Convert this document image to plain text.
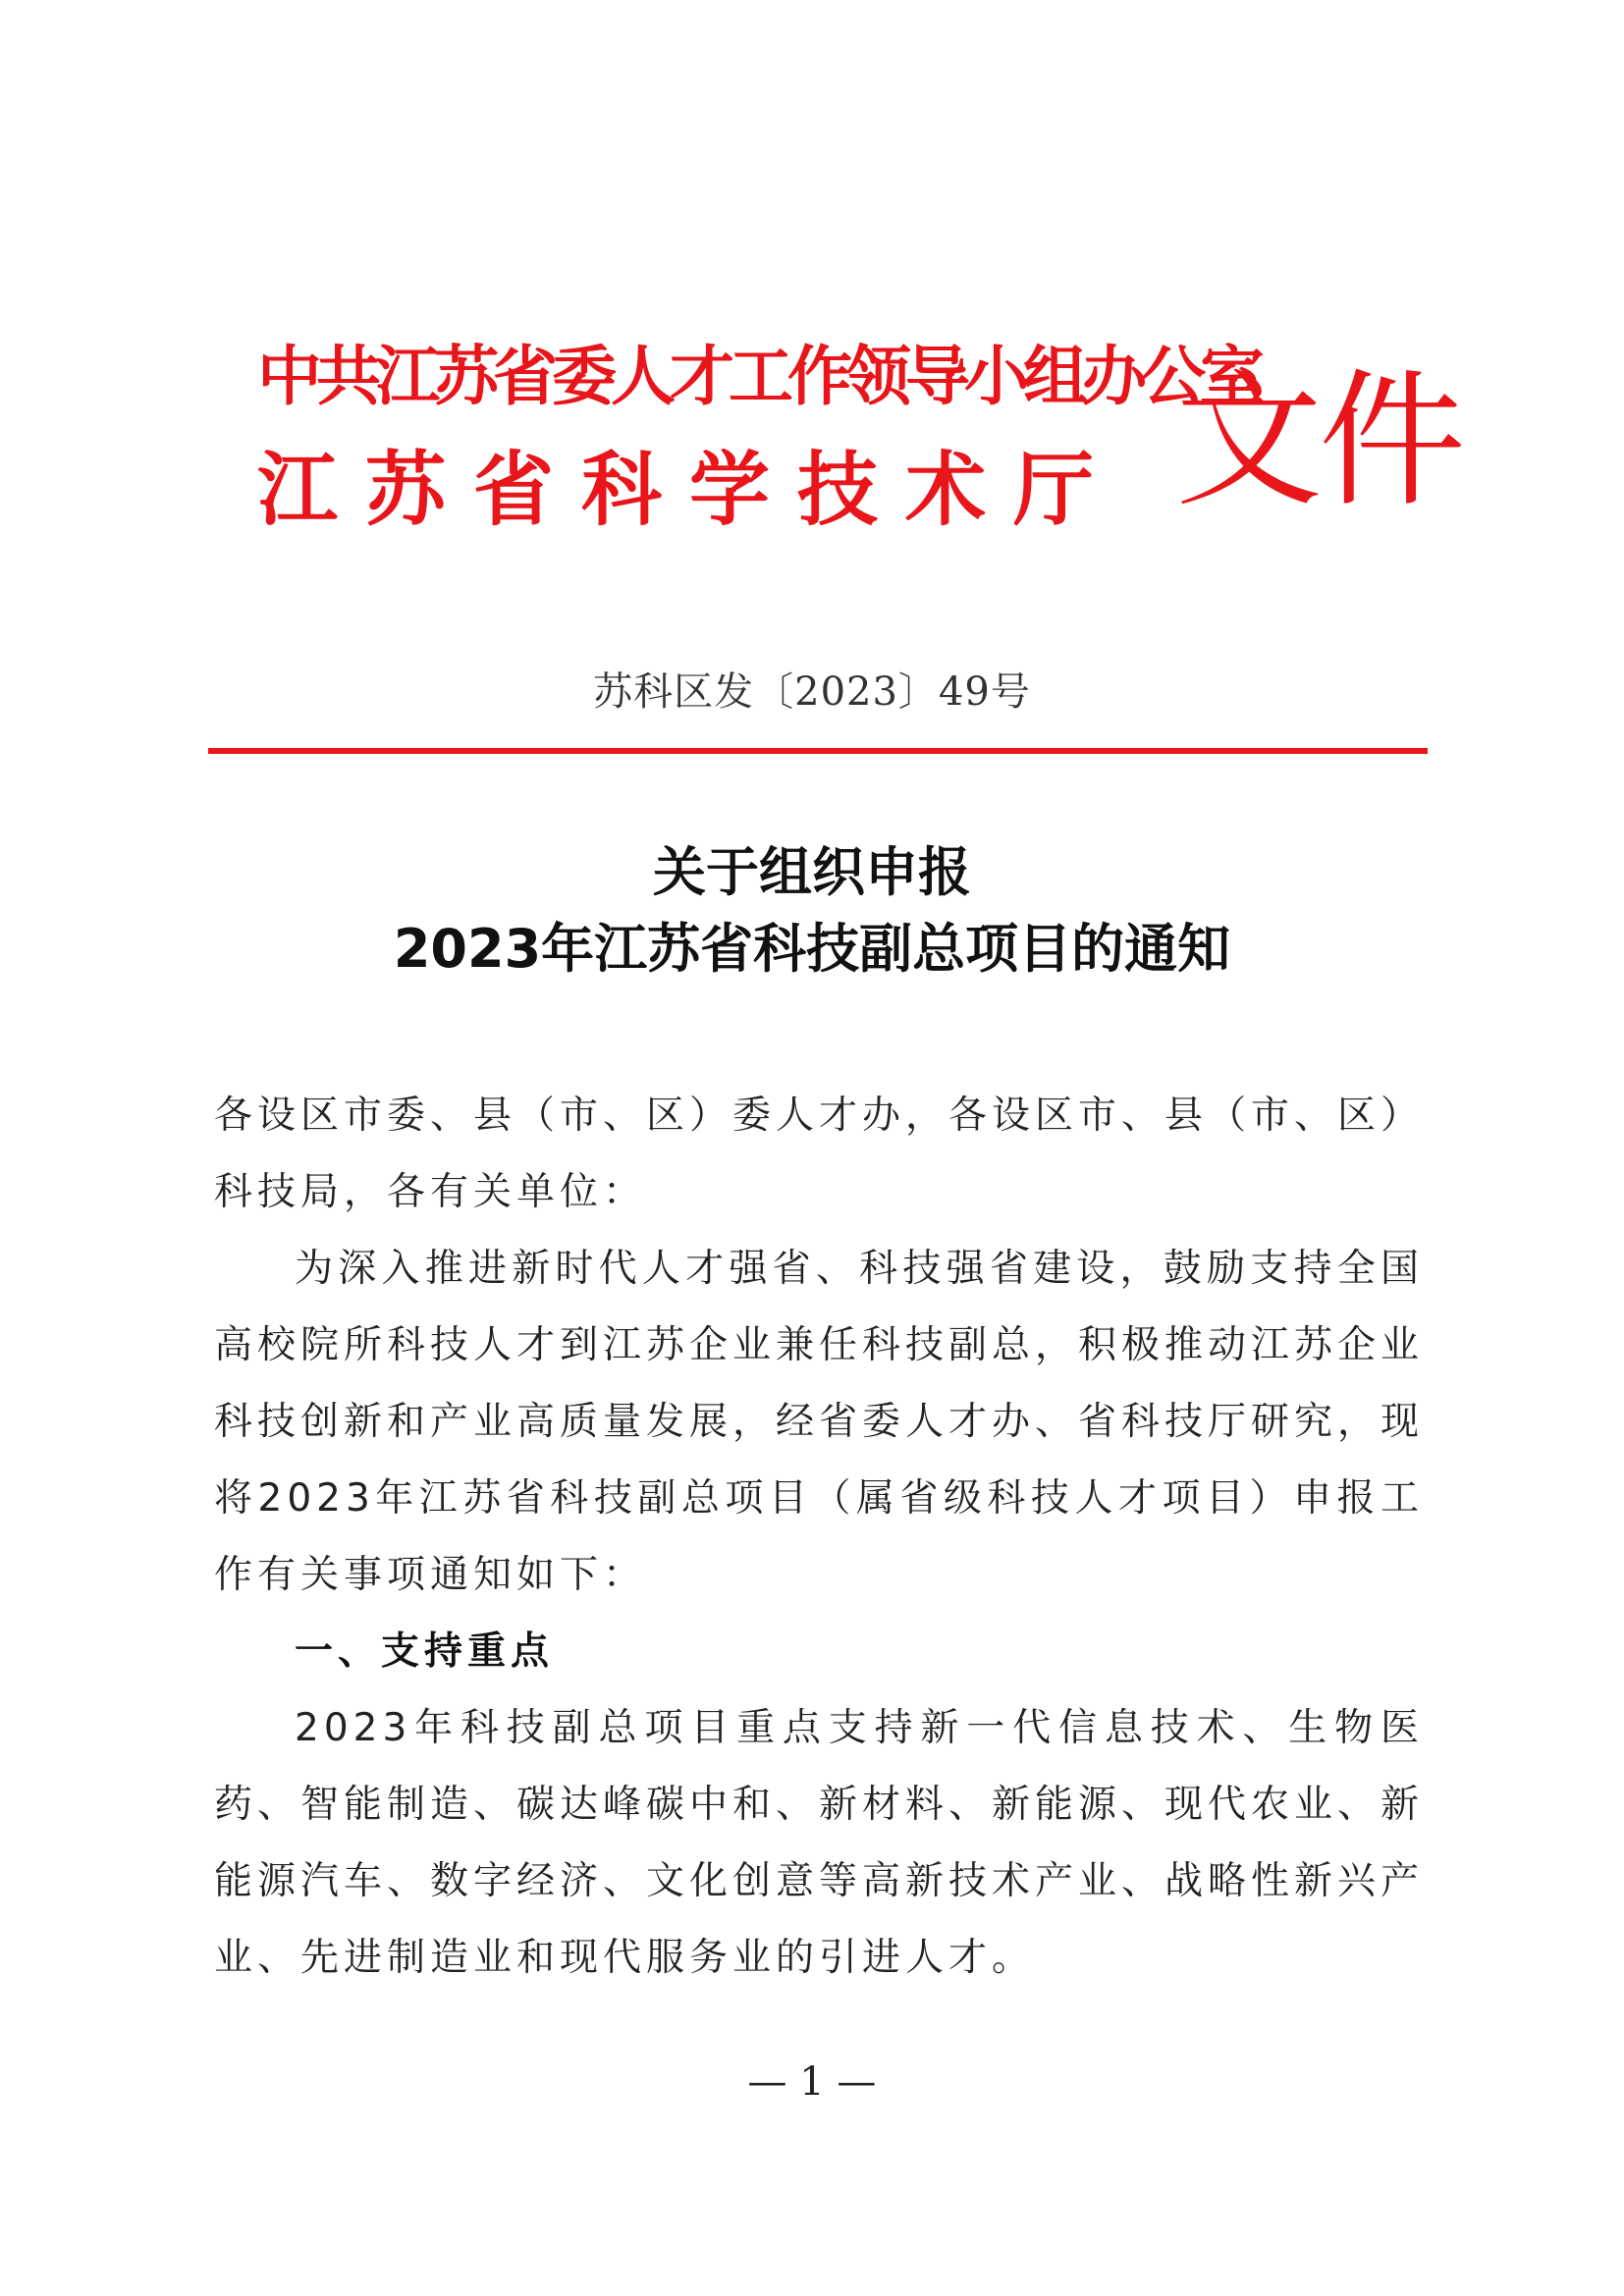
中共江苏省委人才工作领导小组办公室
江苏省科学技术厅 文件
苏科区发〔2023〕49号
关于组织申报
2023年江苏省科技副总项目的通知

各设区市委、县（市、区）委人才办，各设区市、县（市、区）科技局，各有关单位：

为深入推进新时代人才强省、科技强省建设，鼓励支持全国高校院所科技人才到江苏企业兼任科技副总，积极推动江苏企业科技创新和产业高质量发展，经省委人才办、省科技厅研究，现将2023年江苏省科技副总项目（属省级科技人才项目）申报工作有关事项通知如下：

一、支持重点

2023年科技副总项目重点支持新一代信息技术、生物医药、智能制造、碳达峰碳中和、新材料、新能源、现代农业、新能源汽车、数字经济、文化创意等高新技术产业、战略性新兴产业、先进制造业和现代服务业的引进人才。

— 1 —
